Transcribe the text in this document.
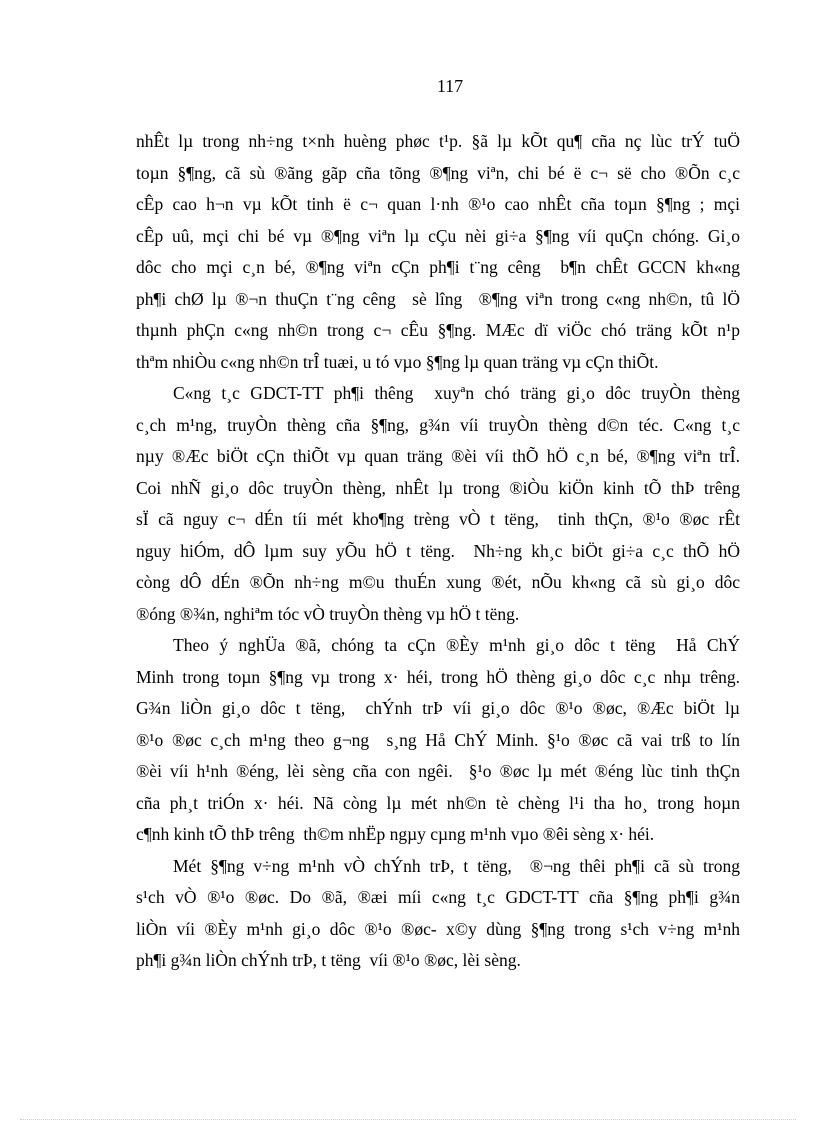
117
nhÊt lµ trong nh÷ng t×nh huèng phøc t¹p. §ã lµ kÕt qu¶ cña nç lùc trÝ tuÖ
toµn §¶ng, cã sù ®ãng gãp cña tõng ®¶ng viªn, chi bé ë c¬ së cho ®Õn c¸c
cÊp cao h¬n vµ kÕt tinh ë c¬ quan l·nh ®¹o cao nhÊt cña toµn §¶ng ; mçi
cÊp uû, mçi chi bé vµ ®¶ng viªn lµ cÇu nèi gi÷a §¶ng víi quÇn chóng. Gi¸o
dôc cho mçi c¸n bé, ®¶ng viªn cÇn ph¶i t¨ng cêng  b¶n chÊt GCCN kh«ng
ph¶i chØ lµ ®¬n thuÇn t¨ng cêng  sè lîng  ®¶ng viªn trong c«ng nh©n, tû lÖ
thµnh phÇn c«ng nh©n trong c¬ cÊu §¶ng. MÆc dï viÖc chó träng kÕt n¹p
thªm nhiÒu c«ng nh©n trÎ tuæi, u tó vµo §¶ng lµ quan träng vµ cÇn thiÕt.
C«ng t¸c GDCT-TT ph¶i thêng  xuyªn chó träng gi¸o dôc truyÒn thèng
c¸ch m¹ng, truyÒn thèng cña §¶ng, g¾n víi truyÒn thèng d©n téc. C«ng t¸c
nµy ®Æc biÖt cÇn thiÕt vµ quan träng ®èi víi thÕ hÖ c¸n bé, ®¶ng viªn trÎ.
Coi nhÑ gi¸o dôc truyÒn thèng, nhÊt lµ trong ®iÒu kiÖn kinh tÕ thÞ trêng
sÏ cã nguy c¬ dÉn tíi mét kho¶ng trèng vÒ t tëng,  tinh thÇn, ®¹o ®øc rÊt
nguy hiÓm, dÔ lµm suy yÕu hÖ t tëng.  Nh÷ng kh¸c biÖt gi÷a c¸c thÕ hÖ
còng dÔ dÉn ®Õn nh÷ng m©u thuÉn xung ®ét, nÕu kh«ng cã sù gi¸o dôc
®óng ®¾n, nghiªm tóc vÒ truyÒn thèng vµ hÖ t tëng.
Theo ý nghÜa ®ã, chóng ta cÇn ®Èy m¹nh gi¸o dôc t tëng  Hå ChÝ
Minh trong toµn §¶ng vµ trong x· héi, trong hÖ thèng gi¸o dôc c¸c nhµ trêng.
G¾n liÒn gi¸o dôc t tëng,  chÝnh trÞ víi gi¸o dôc ®¹o ®øc, ®Æc biÖt lµ
®¹o ®øc c¸ch m¹ng theo g¬ng  s¸ng Hå ChÝ Minh. §¹o ®øc cã vai trß to lín
®èi víi h¹nh ®éng, lèi sèng cña con ngêi.  §¹o ®øc lµ mét ®éng lùc tinh thÇn
cña ph¸t triÓn x· héi. Nã còng lµ mét nh©n tè chèng l¹i tha ho¸ trong hoµn
c¶nh kinh tÕ thÞ trêng  th©m nhËp ngµy cµng m¹nh vµo ®êi sèng x· héi.
Mét §¶ng v÷ng m¹nh vÒ chÝnh trÞ, t tëng,  ®¬ng thêi ph¶i cã sù trong
s¹ch vÒ ®¹o ®øc. Do ®ã, ®æi míi c«ng t¸c GDCT-TT cña §¶ng ph¶i g¾n
liÒn víi ®Èy m¹nh gi¸o dôc ®¹o ®øc- x©y dùng §¶ng trong s¹ch v÷ng m¹nh
ph¶i g¾n liÒn chÝnh trÞ, t tëng  víi ®¹o ®øc, lèi sèng.
